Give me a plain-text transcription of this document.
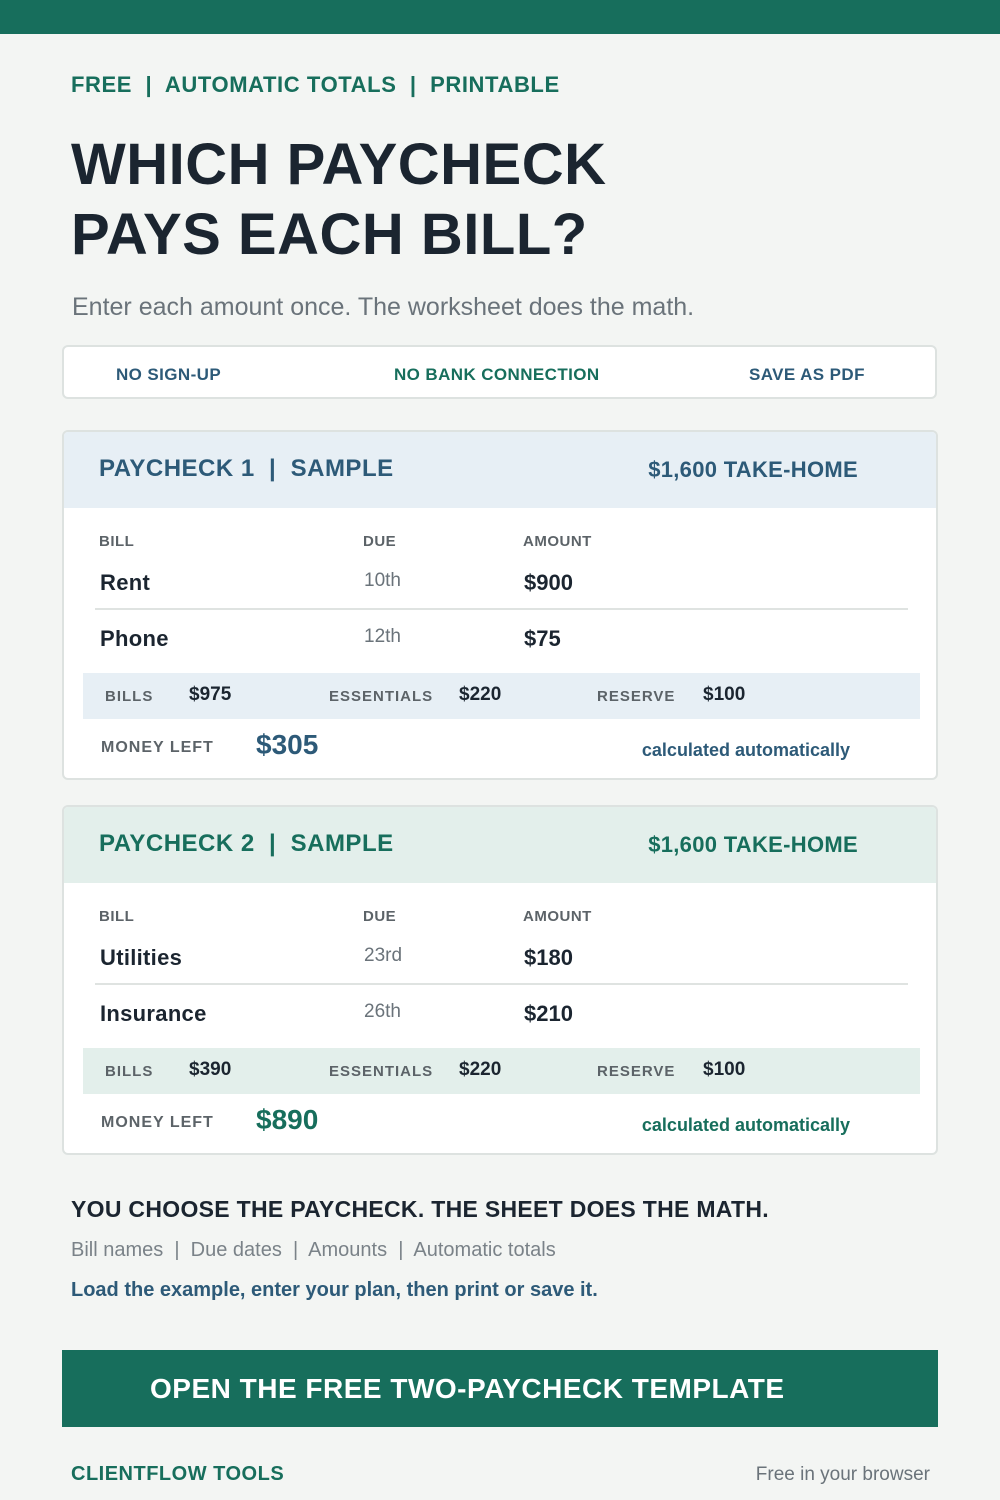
FREE  |  AUTOMATIC TOTALS  |  PRINTABLE
WHICH PAYCHECK
PAYS EACH BILL?
Enter each amount once. The worksheet does the math.
NO SIGN-UP	NO BANK CONNECTION	SAVE AS PDF
PAYCHECK 1  |  SAMPLE	$1,600 TAKE-HOME
BILL	DUE	AMOUNT
Rent	10th	$900
Phone	12th	$75
BILLS $975	ESSENTIALS $220	RESERVE $100
MONEY LEFT $305	calculated automatically
PAYCHECK 2  |  SAMPLE	$1,600 TAKE-HOME
BILL	DUE	AMOUNT
Utilities	23rd	$180
Insurance	26th	$210
BILLS $390	ESSENTIALS $220	RESERVE $100
MONEY LEFT $890	calculated automatically
YOU CHOOSE THE PAYCHECK. THE SHEET DOES THE MATH.
Bill names  |  Due dates  |  Amounts  |  Automatic totals
Load the example, enter your plan, then print or save it.
OPEN THE FREE TWO-PAYCHECK TEMPLATE
CLIENTFLOW TOOLS	Free in your browser
